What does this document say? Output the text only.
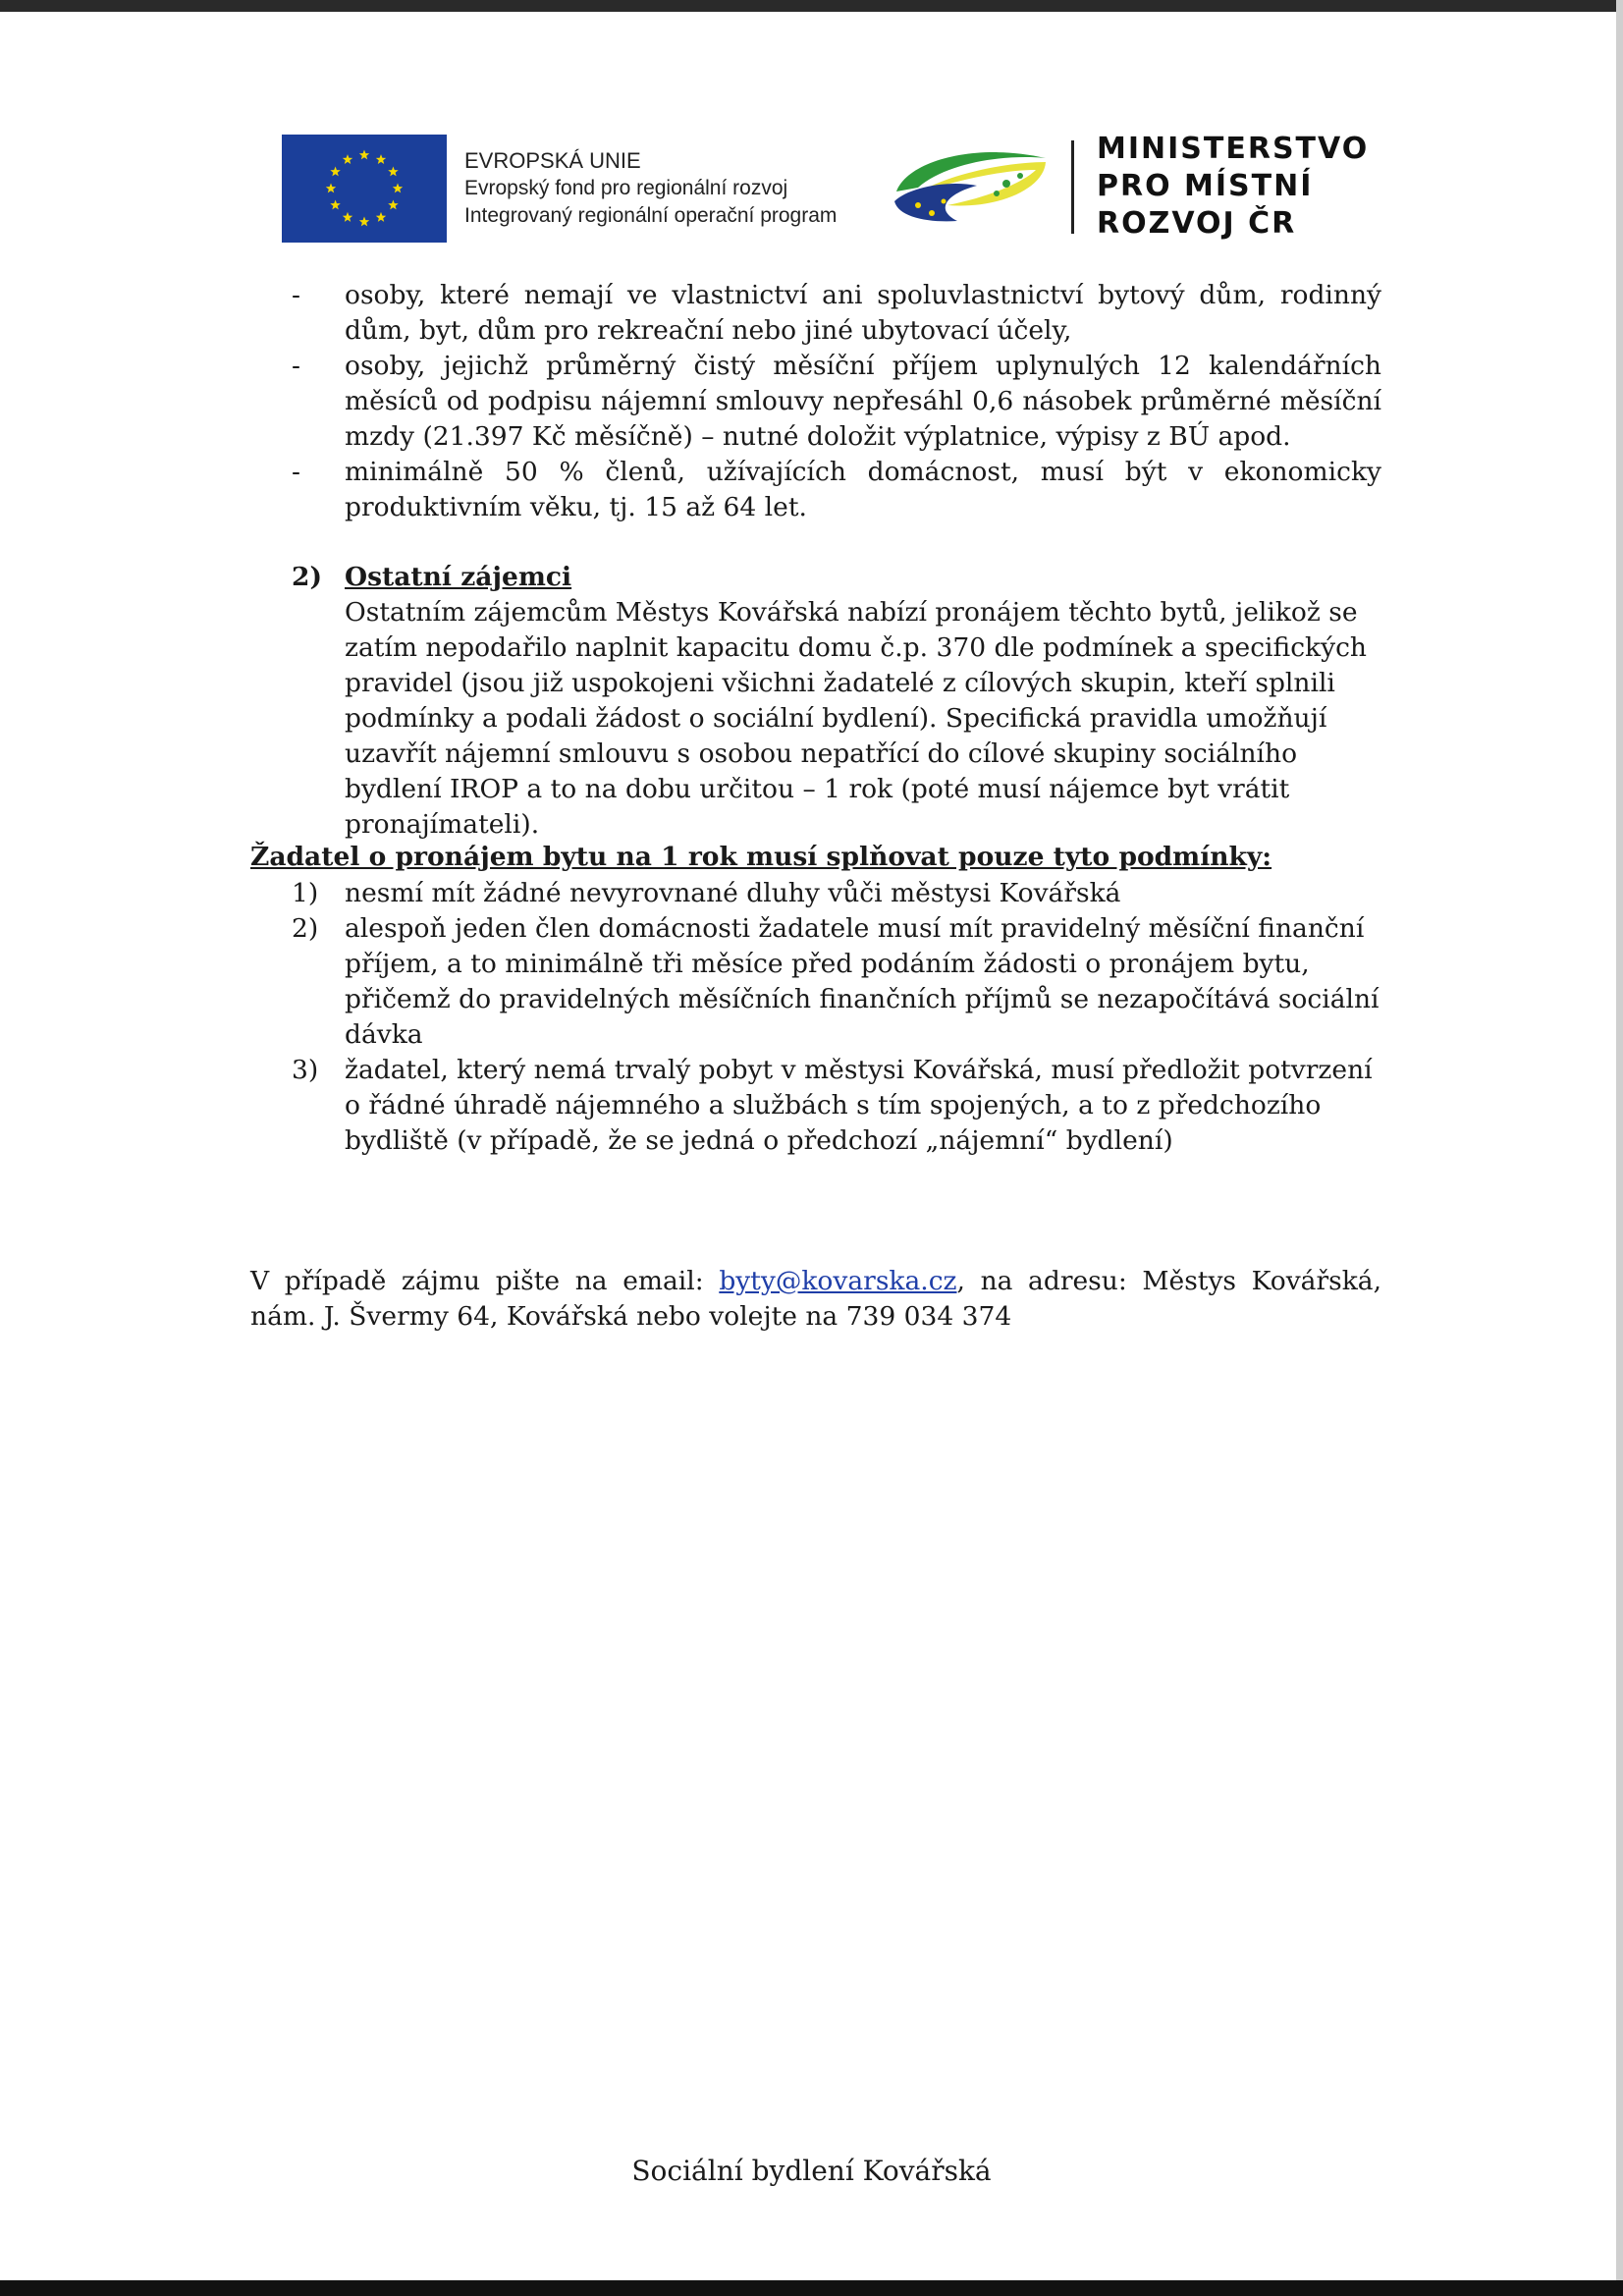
EVROPSKÁ UNIE
Evropský fond pro regionální rozvoj
Integrovaný regionální operační program
MINISTERSTVO
PRO MÍSTNÍ
ROZVOJ ČR
-	osoby, které nemají ve vlastnictví ani spoluvlastnictví bytový dům, rodinný dům, byt, dům pro rekreační nebo jiné ubytovací účely,
-	osoby, jejichž průměrný čistý měsíční příjem uplynulých 12 kalendářních měsíců od podpisu nájemní smlouvy nepřesáhl 0,6 násobek průměrné měsíční mzdy (21.397 Kč měsíčně) – nutné doložit výplatnice, výpisy z BÚ apod.
-	minimálně 50 % členů, užívajících domácnost, musí být v ekonomicky produktivním věku, tj. 15 až 64 let.
2) Ostatní zájemci
Ostatním zájemcům Městys Kovářská nabízí pronájem těchto bytů, jelikož se zatím nepodařilo naplnit kapacitu domu č.p. 370 dle podmínek a specifických pravidel (jsou již uspokojeni všichni žadatelé z cílových skupin, kteří splnili podmínky a podali žádost o sociální bydlení). Specifická pravidla umožňují uzavřít nájemní smlouvu s osobou nepatřící do cílové skupiny sociálního bydlení IROP a to na dobu určitou – 1 rok (poté musí nájemce byt vrátit pronajímateli).
Žadatel o pronájem bytu na 1 rok musí splňovat pouze tyto podmínky:
1)	nesmí mít žádné nevyrovnané dluhy vůči městysi Kovářská
2)	alespoň jeden člen domácnosti žadatele musí mít pravidelný měsíční finanční příjem, a to minimálně tři měsíce před podáním žádosti o pronájem bytu, přičemž do pravidelných měsíčních finančních příjmů se nezapočítává sociální dávka
3)	žadatel, který nemá trvalý pobyt v městysi Kovářská, musí předložit potvrzení o řádné úhradě nájemného a službách s tím spojených, a to z předchozího bydliště (v případě, že se jedná o předchozí „nájemní“ bydlení)
V případě zájmu pište na email: byty@kovarska.cz, na adresu: Městys Kovářská, nám. J. Švermy 64, Kovářská nebo volejte na 739 034 374
Sociální bydlení Kovářská
